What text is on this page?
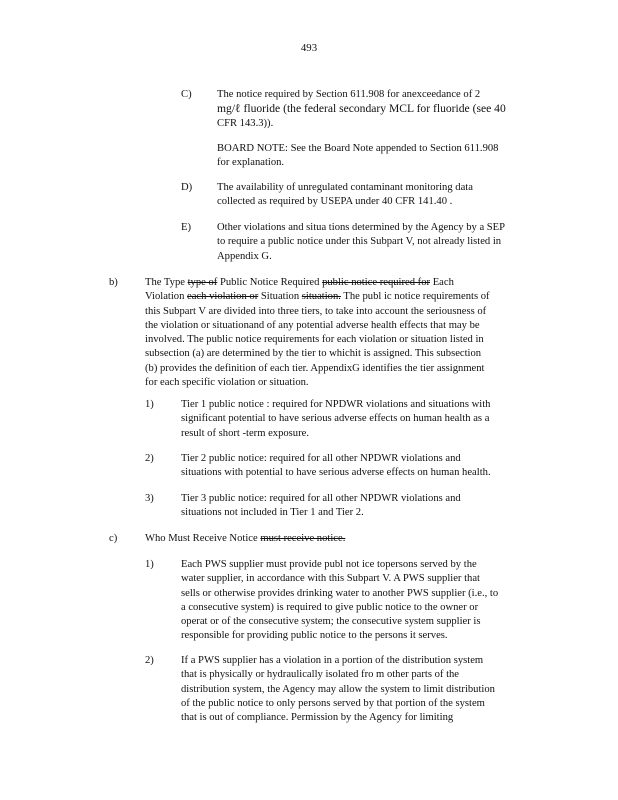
493
C) The notice required by Section 611.908 for anexceedance of 2
mg/ℓ fluoride (the federal secondary MCL for fluoride (see 40
CFR 143.3)).
BOARD NOTE: See the Board Note appended to Section 611.908
for explanation.
D) The availability of unregulated contaminant monitoring data
collected as required by USEPA under 40 CFR 141.40 .
E) Other violations and situa tions determined by the Agency by a SEP
to require a public notice under this Subpart V, not already listed in
Appendix G.
b)	The Type type of Public Notice Required public notice required for Each
Violation each violation or Situation situation. The publ ic notice requirements of
this Subpart V are divided into three tiers, to take into account the seriousness of
the violation or situationand of any potential adverse health effects that may be
involved. The public notice requirements for each violation or situation listed in
subsection (a) are determined by the tier to whichit is assigned. This subsection
(b) provides the definition of each tier. AppendixG identifies the tier assignment
for each specific violation or situation.
1)	Tier 1 public notice : required for NPDWR violations and situations with
significant potential to have serious adverse effects on human health as a
result of short -term exposure.
2)	Tier 2 public notice: required for all other NPDWR violations and
situations with potential to have serious adverse effects on human health.
3)	Tier 3 public notice: required for all other NPDWR violations and
situations not included in Tier 1 and Tier 2.
c)	Who Must Receive Notice must receive notice.
1)	Each PWS supplier must provide publ not ice topersons served by the
water supplier, in accordance with this Subpart V. A PWS supplier that
sells or otherwise provides drinking water to another PWS supplier (i.e., to
a consecutive system) is required to give public notice to the owner or
operat or of the consecutive system; the consecutive system supplier is
responsible for providing public notice to the persons it serves.
2)	If a PWS supplier has a violation in a portion of the distribution system
that is physically or hydraulically isolated fro m other parts of the
distribution system, the Agency may allow the system to limit distribution
of the public notice to only persons served by that portion of the system
that is out of compliance. Permission by the Agency for limiting
